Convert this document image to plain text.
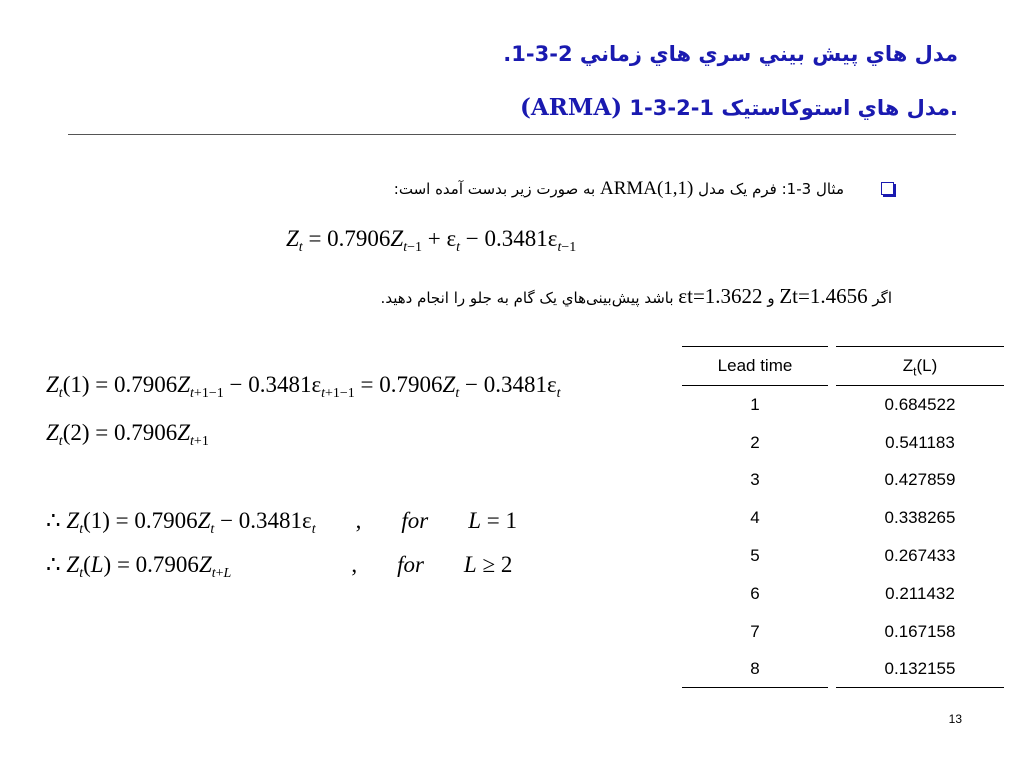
مدل هاي پيش بيني سري هاي زماني 2-3-1.
(ARMA)	مدل هاي استوكاستيک 1-2-3-1.
مثال 3-1: فرم یک مدل ARMA(1,1) به صورت زیر بدست آمده است:
$Z_t = 0.7906Z_{t-1} + \varepsilon_t - 0.3481\varepsilon_{t-1}$
اگر Zt=1.4656 و εt=1.3622 باشد پیش‌بینی‌هاي یک گام به جلو را انجام دهيد.
$Z_t(1) = 0.7906Z_{t+1-1} - 0.3481\varepsilon_{t+1-1} = 0.7906Z_t - 0.3481\varepsilon_t$
$Z_t(2) = 0.7906Z_{t+1}$
∴ $Z_t(1) = 0.7906Z_t - 0.3481\varepsilon_t$ , for L = 1
∴ $Z_t(L) = 0.7906Z_{t+L}$	, for L ≥ 2
Lead time	$Z_t(L)$
1	0.684522
2	0.541183
3	0.427859
4	0.338265
5	0.267433
6	0.211432
7	0.167158
8	0.132155
13
